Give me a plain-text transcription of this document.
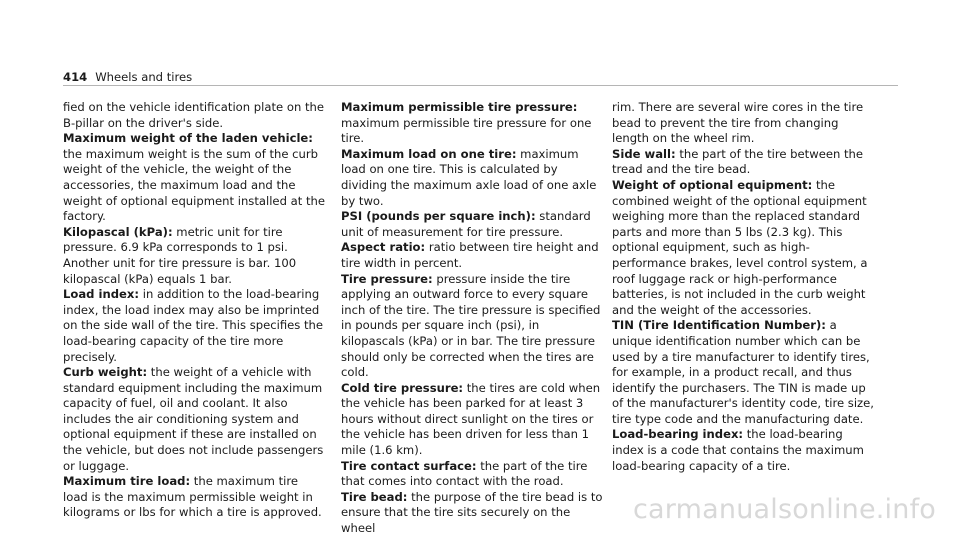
414 Wheels and tires

fied on the vehicle identification plate on the B-pillar on the driver's side.

Maximum weight of the laden vehicle: the maximum weight is the sum of the curb weight of the vehicle, the weight of the accessories, the maximum load and the weight of optional equipment installed at the factory.

Kilopascal (kPa): metric unit for tire pressure. 6.9 kPa corresponds to 1 psi. Another unit for tire pressure is bar. 100 kilopascal (kPa) equals 1 bar.

Load index: in addition to the load-bearing index, the load index may also be imprinted on the side wall of the tire. This specifies the load-bearing capacity of the tire more precisely.

Curb weight: the weight of a vehicle with standard equipment including the maximum capacity of fuel, oil and coolant. It also includes the air conditioning system and optional equipment if these are installed on the vehicle, but does not include passengers or luggage.

Maximum tire load: the maximum tire load is the maximum permissible weight in kilograms or lbs for which a tire is approved.

Maximum permissible tire pressure: maximum permissible tire pressure for one tire.

Maximum load on one tire: maximum load on one tire. This is calculated by dividing the maximum axle load of one axle by two.

PSI (pounds per square inch): standard unit of measurement for tire pressure.

Aspect ratio: ratio between tire height and tire width in percent.

Tire pressure: pressure inside the tire applying an outward force to every square inch of the tire. The tire pressure is specified in pounds per square inch (psi), in kilopascals (kPa) or in bar. The tire pressure should only be corrected when the tires are cold.

Cold tire pressure: the tires are cold when the vehicle has been parked for at least 3 hours without direct sunlight on the tires or the vehicle has been driven for less than 1 mile (1.6 km).

Tire contact surface: the part of the tire that comes into contact with the road.

Tire bead: the purpose of the tire bead is to ensure that the tire sits securely on the wheel

rim. There are several wire cores in the tire bead to prevent the tire from changing length on the wheel rim.

Side wall: the part of the tire between the tread and the tire bead.

Weight of optional equipment: the combined weight of the optional equipment weighing more than the replaced standard parts and more than 5 lbs (2.3 kg). This optional equipment, such as high-performance brakes, level control system, a roof luggage rack or high-performance batteries, is not included in the curb weight and the weight of the accessories.

TIN (Tire Identification Number): a unique identification number which can be used by a tire manufacturer to identify tires, for example, in a product recall, and thus identify the purchasers. The TIN is made up of the manufacturer's identity code, tire size, tire type code and the manufacturing date.

Load-bearing index: the load-bearing index is a code that contains the maximum load-bearing capacity of a tire.

carmanualsonline.info
